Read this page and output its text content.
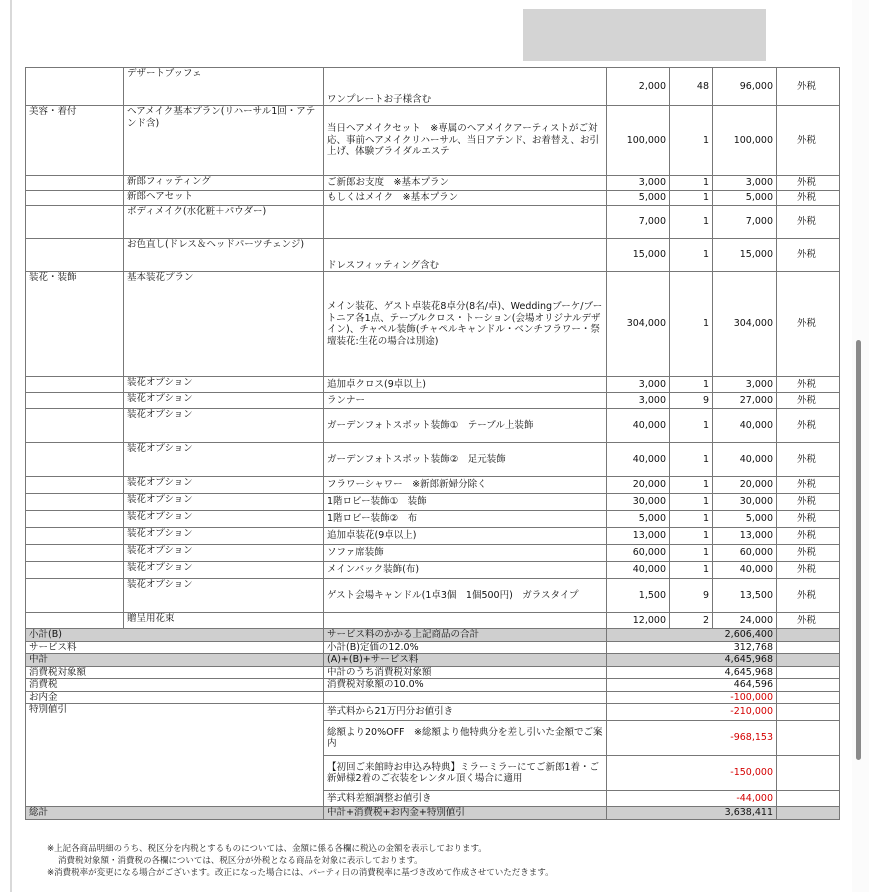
	デザートブッフェ	ワンプレートお子様含む	2,000	48	96,000	外税
美容・着付	ヘアメイク基本プラン(リハーサル1回・アテンド含)	当日ヘアメイクセット　※専属のヘアメイクアーティストがご対応、事前ヘアメイクリハーサル、当日アテンド、お着替え、お引上げ、体験ブライダルエステ	100,000	1	100,000	外税
	新郎フィッティング	ご新郎お支度　※基本プラン	3,000	1	3,000	外税
	新郎ヘアセット	もしくはメイク　※基本プラン	5,000	1	5,000	外税
	ボディメイク(水化粧＋パウダー)		7,000	1	7,000	外税
	お色直し(ドレス＆ヘッドパーツチェンジ)	ドレスフィッティング含む	15,000	1	15,000	外税
装花・装飾	基本装花プラン	メイン装花、ゲスト卓装花8卓分(8名/卓)、Weddingブーケ/ブートニア各1点、テーブルクロス・トーション(会場オリジナルデザイン)、チャペル装飾(チャペルキャンドル・ベンチフラワー・祭壇装花:生花の場合は別途)	304,000	1	304,000	外税
	装花オプション	追加卓クロス(9卓以上)	3,000	1	3,000	外税
	装花オプション	ランナー	3,000	9	27,000	外税
	装花オプション	ガーデンフォトスポット装飾①　テーブル上装飾	40,000	1	40,000	外税
	装花オプション	ガーデンフォトスポット装飾②　足元装飾	40,000	1	40,000	外税
	装花オプション	フラワーシャワー　※新郎新婦分除く	20,000	1	20,000	外税
	装花オプション	1階ロビー装飾①　装飾	30,000	1	30,000	外税
	装花オプション	1階ロビー装飾②　布	5,000	1	5,000	外税
	装花オプション	追加卓装花(9卓以上)	13,000	1	13,000	外税
	装花オプション	ソファ席装飾	60,000	1	60,000	外税
	装花オプション	メインバック装飾(布)	40,000	1	40,000	外税
	装花オプション	ゲスト会場キャンドル(1卓3個　1個500円)　ガラスタイプ	1,500	9	13,500	外税
	贈呈用花束		12,000	2	24,000	外税
小計(B)		サービス料のかかる上記商品の合計	2,606,400			
サービス料		小計(B)定価の12.0%	312,768			
中計		(A)+(B)+サービス料	4,645,968			
消費税対象額		中計のうち消費税対象額	4,645,968			
消費税		消費税対象額の10.0%	464,596			
お内金			-100,000			
特別値引		挙式料から21万円分お値引き	-210,000			
		総額より20%OFF　※総額より他特典分を差し引いた金額でご案内	-968,153			
		【初回ご来館時お申込み特典】ミラーミラーにてご新郎1着・ご新婦様2着のご衣装をレンタル頂く場合に適用	-150,000			
		挙式料差額調整お値引き	-44,000			
総計		中計+消費税+お内金+特別値引	3,638,411			
※上記各商品明細のうち、税区分を内税とするものについては、金額に係る各欄に税込の金額を表示しております。
消費税対象額・消費税の各欄については、税区分が外税となる商品を対象に表示しております。
※消費税率が変更になる場合がございます。改正になった場合には、パーティ日の消費税率に基づき改めて作成させていただきます。
